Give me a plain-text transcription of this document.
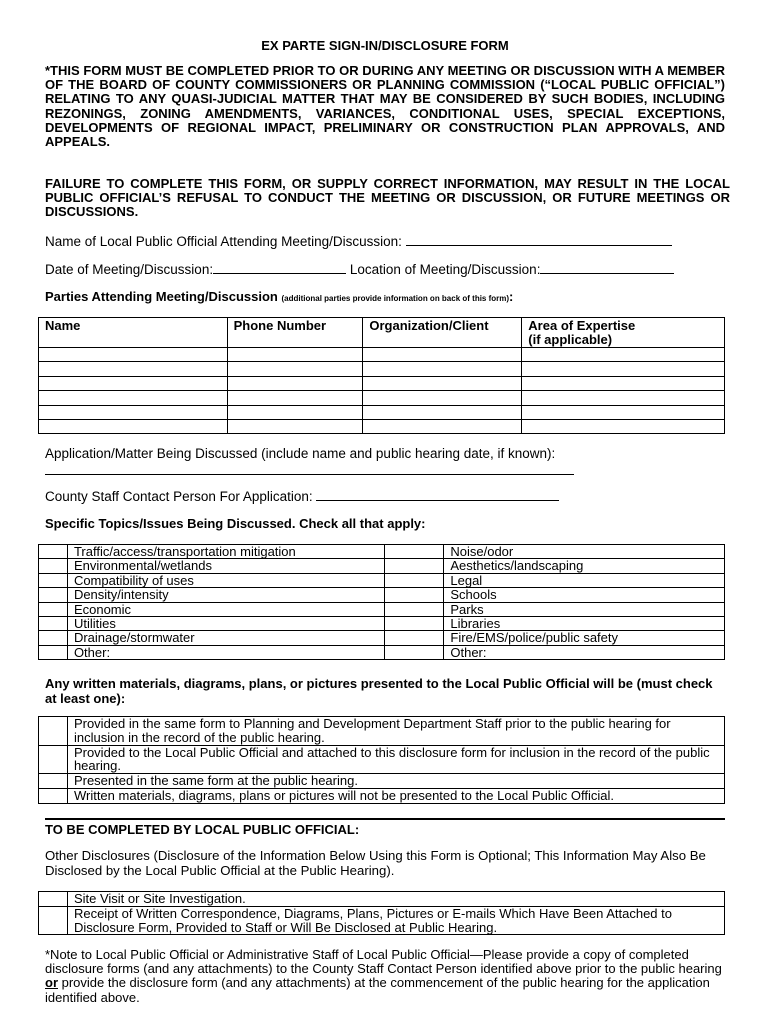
EX PARTE SIGN-IN/DISCLOSURE FORM
*THIS FORM MUST BE COMPLETED PRIOR TO OR DURING ANY MEETING OR DISCUSSION WITH A MEMBER OF THE BOARD OF COUNTY COMMISSIONERS OR PLANNING COMMISSION (“LOCAL PUBLIC OFFICIAL”) RELATING TO ANY QUASI-JUDICIAL MATTER THAT MAY BE CONSIDERED BY SUCH BODIES, INCLUDING REZONINGS, ZONING AMENDMENTS, VARIANCES, CONDITIONAL USES, SPECIAL EXCEPTIONS, DEVELOPMENTS OF REGIONAL IMPACT, PRELIMINARY OR CONSTRUCTION PLAN APPROVALS, AND APPEALS.
FAILURE TO COMPLETE THIS FORM, OR SUPPLY CORRECT INFORMATION, MAY RESULT IN THE LOCAL PUBLIC OFFICIAL’S REFUSAL TO CONDUCT THE MEETING OR DISCUSSION, OR FUTURE MEETINGS OR DISCUSSIONS.
Name of Local Public Official Attending Meeting/Discussion:
Date of Meeting/Discussion:	Location of Meeting/Discussion:
Parties Attending Meeting/Discussion (additional parties provide information on back of this form):
Name	Phone Number	Organization/Client	Area of Expertise
(if applicable)

Application/Matter Being Discussed (include name and public hearing date, if known):
County Staff Contact Person For Application:
Specific Topics/Issues Being Discussed. Check all that apply:
	Traffic/access/transportation mitigation		Noise/odor
	Environmental/wetlands		Aesthetics/landscaping
	Compatibility of uses		Legal
	Density/intensity		Schools
	Economic		Parks
	Utilities		Libraries
	Drainage/stormwater		Fire/EMS/police/public safety
	Other:		Other:
Any written materials, diagrams, plans, or pictures presented to the Local Public Official will be (must check at least one):
	Provided in the same form to Planning and Development Department Staff prior to the public hearing for inclusion in the record of the public hearing.
	Provided to the Local Public Official and attached to this disclosure form for inclusion in the record of the public hearing.
	Presented in the same form at the public hearing.
	Written materials, diagrams, plans or pictures will not be presented to the Local Public Official.
TO BE COMPLETED BY LOCAL PUBLIC OFFICIAL:
Other Disclosures (Disclosure of the Information Below Using this Form is Optional; This Information May Also Be Disclosed by the Local Public Official at the Public Hearing).
	Site Visit or Site Investigation.
	Receipt of Written Correspondence, Diagrams, Plans, Pictures or E-mails Which Have Been Attached to Disclosure Form, Provided to Staff or Will Be Disclosed at Public Hearing.
*Note to Local Public Official or Administrative Staff of Local Public Official—Please provide a copy of completed disclosure forms (and any attachments) to the County Staff Contact Person identified above prior to the public hearing or provide the disclosure form (and any attachments) at the commencement of the public hearing for the application identified above.
